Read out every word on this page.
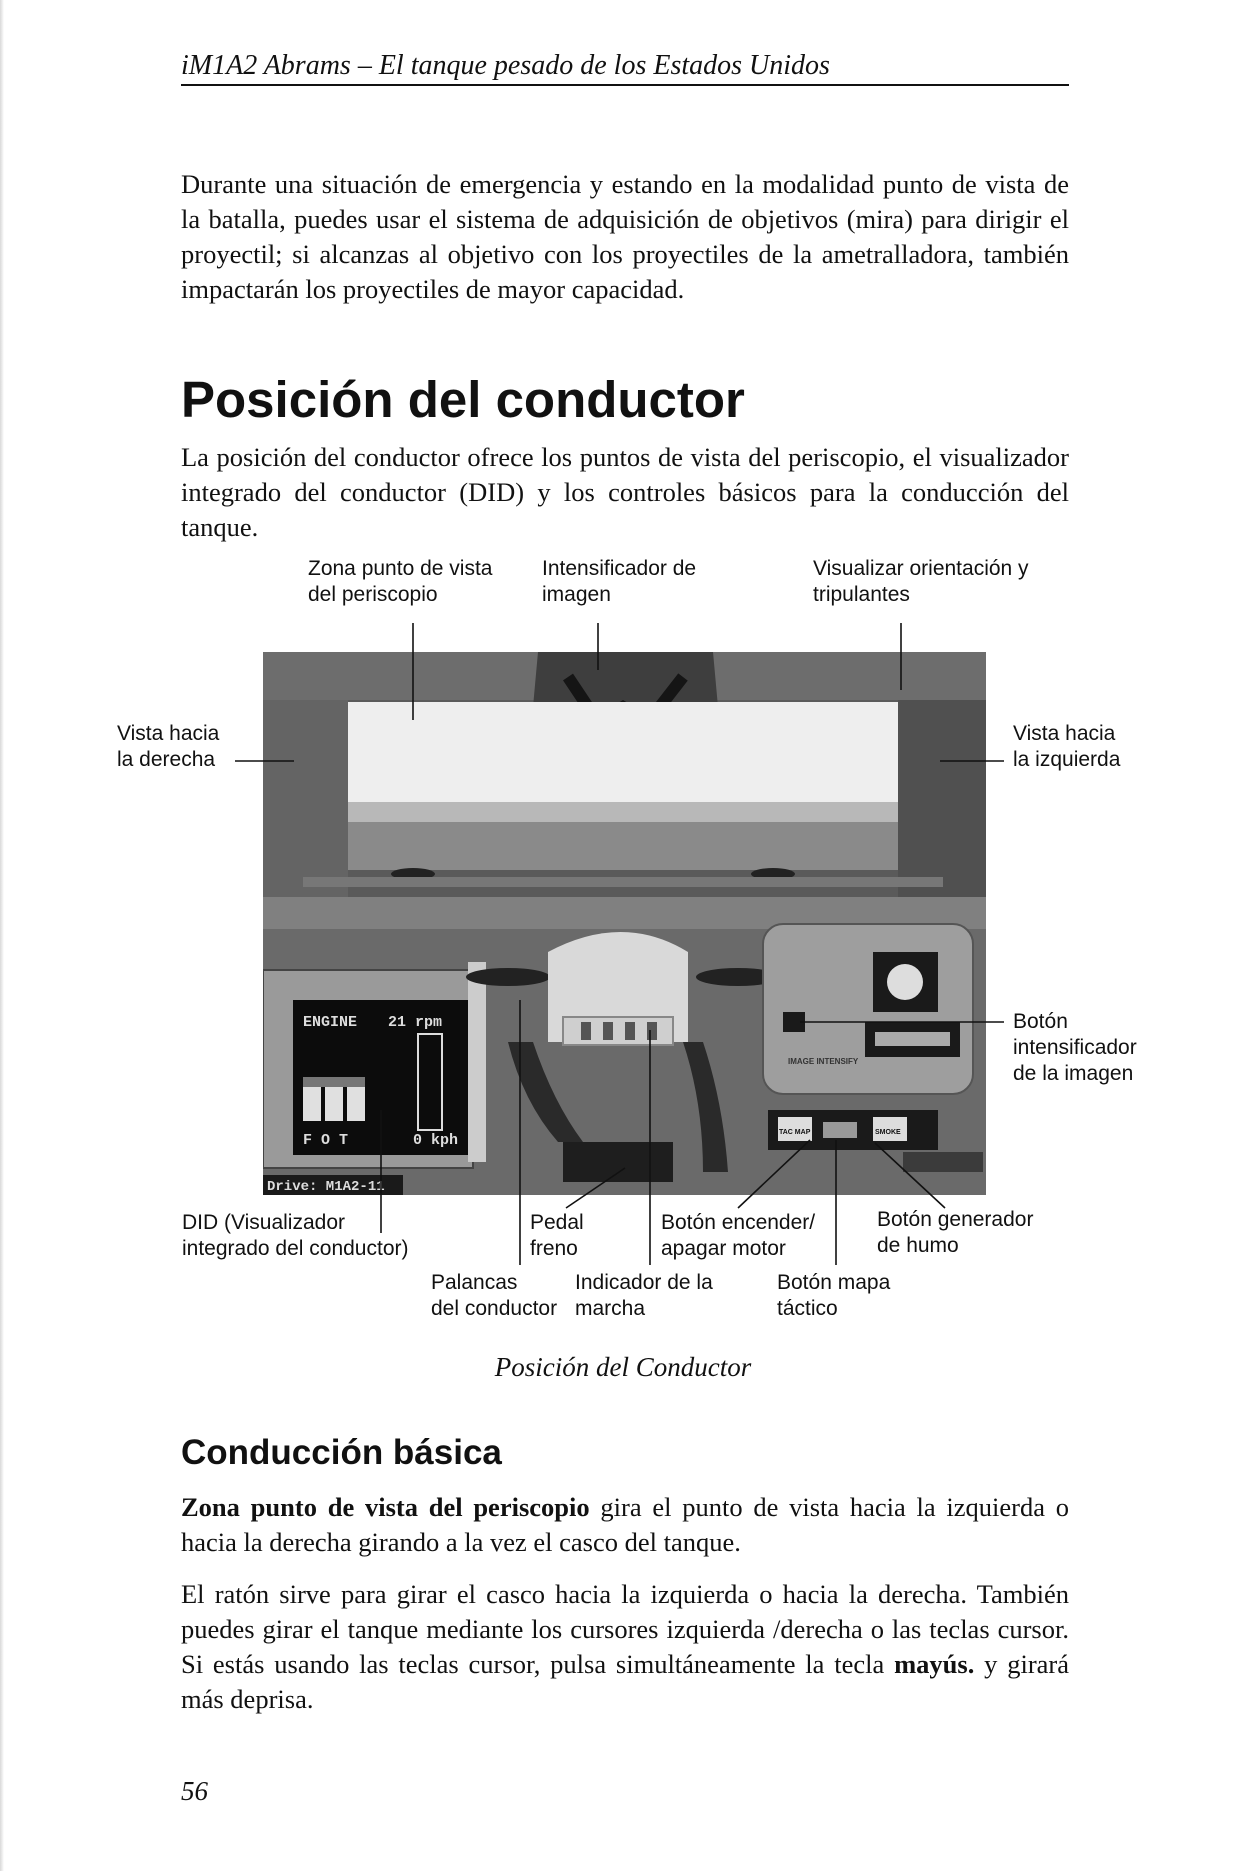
iM1A2 Abrams – El tanque pesado de los Estados Unidos

Durante una situación de emergencia y estando en la modalidad punto de vista de la batalla, puedes usar el sistema de adquisición de objetivos (mira) para dirigir el proyectil; si alcanzas al objetivo con los proyectiles de la ametralladora, también impactarán los proyectiles de mayor capacidad.

Posición del conductor

La posición del conductor ofrece los puntos de vista del periscopio, el visualizador integrado del conductor (DID) y los controles básicos para la conducción del tanque.

ENGINE 21 rpm
F O T	0 kph
IMAGE INTENSIFY
SMOKE
TAC MAP
Drive: M1A2-11
Zona punto de vista
del periscopio
Intensificador de
imagen
Visualizar orientación y
tripulantes
Vista hacia
la derecha
Vista hacia
la izquierda
Botón
intensificador
de la imagen
DID (Visualizador
integrado del conductor)
Pedal
freno
Botón encender/
apagar motor
Botón generador
de humo
Palancas
del conductor
Indicador de la
marcha
Botón mapa
táctico
Posición del Conductor
Conducción básica

Zona punto de vista del periscopio gira el punto de vista hacia la izquierda o hacia la derecha girando a la vez el casco del tanque.

El ratón sirve para girar el casco hacia la izquierda o hacia la derecha. También puedes girar el tanque mediante los cursores izquierda /derecha o las teclas cursor. Si estás usando las teclas cursor, pulsa simultáneamente la tecla mayús. y girará más deprisa.

56
